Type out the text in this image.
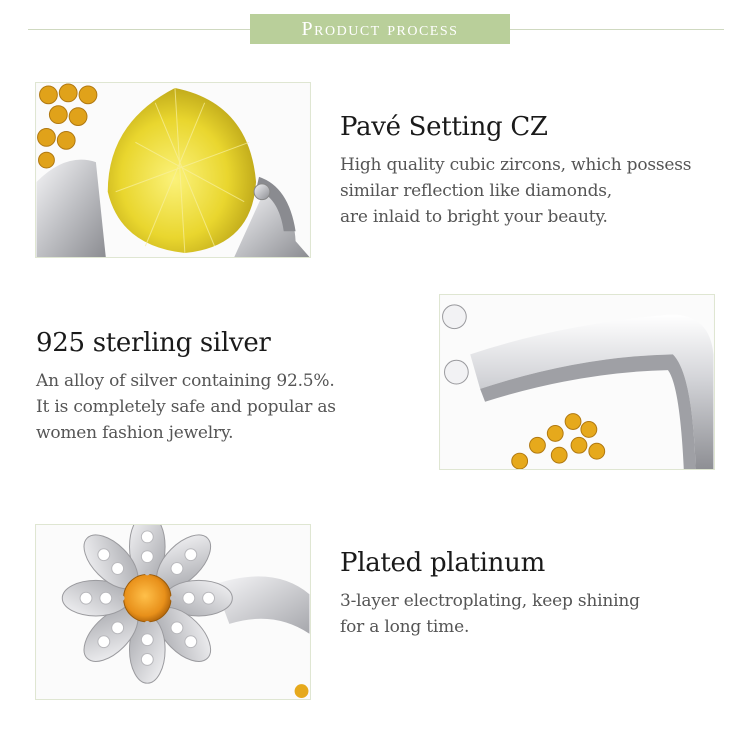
Product process
Pavé Setting CZ

High quality cubic zircons, which possess

similar reflection like diamonds,

are inlaid to bright your beauty.

925 sterling silver

An alloy of silver containing 92.5%.

It is completely safe and popular as

women fashion jewelry.

Plated platinum

3-layer electroplating, keep shining

for a long time.
